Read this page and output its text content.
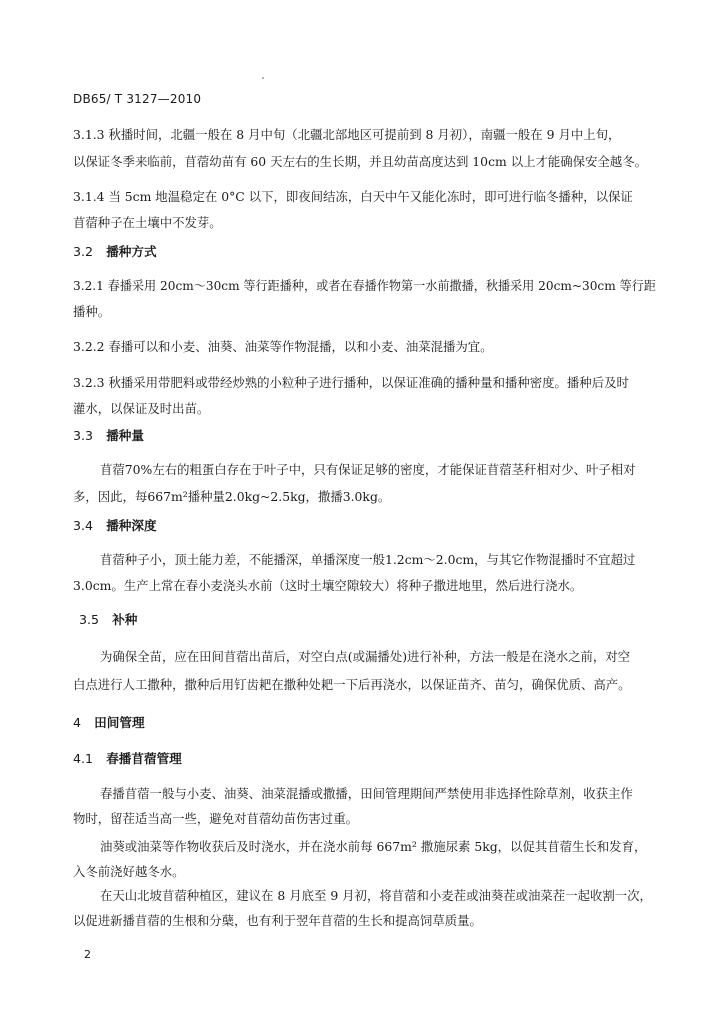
DB65/ T 3127—2010
3.1.3 秋播时间，北疆一般在 8 月中旬（北疆北部地区可提前到 8 月初），南疆一般在 9 月中上旬，
以保证冬季来临前，苜蓿幼苗有 60 天左右的生长期，并且幼苗高度达到 10cm 以上才能确保安全越冬。
3.1.4 当 5cm 地温稳定在 0°C 以下，即夜间结冻，白天中午又能化冻时，即可进行临冬播种，以保证
苜蓿种子在土壤中不发芽。
3.2 播种方式
3.2.1 春播采用 20cm～30cm 等行距播种，或者在春播作物第一水前撒播，秋播采用 20cm~30cm 等行距
播种。
3.2.2 春播可以和小麦、油葵、油菜等作物混播，以和小麦、油菜混播为宜。
3.2.3 秋播采用带肥料或带经炒熟的小粒种子进行播种，以保证准确的播种量和播种密度。播种后及时
灌水，以保证及时出苗。
3.3 播种量
苜蓿70%左右的粗蛋白存在于叶子中，只有保证足够的密度，才能保证苜蓿茎秆相对少、叶子相对
多，因此，每667m²播种量2.0kg~2.5kg，撒播3.0kg。
3.4 播种深度
苜蓿种子小，顶土能力差，不能播深，单播深度一般1.2cm～2.0cm，与其它作物混播时不宜超过
3.0cm。生产上常在春小麦浇头水前（这时土壤空隙较大）将种子撒进地里，然后进行浇水。
3.5 补种
为确保全苗，应在田间苜蓿出苗后，对空白点(或漏播处)进行补种，方法一般是在浇水之前，对空
白点进行人工撒种，撒种后用钉齿耙在撒种处耙一下后再浇水，以保证苗齐、苗匀，确保优质、高产。
4 田间管理
4.1 春播苜蓿管理
春播苜蓿一般与小麦、油葵、油菜混播或撒播，田间管理期间严禁使用非选择性除草剂，收获主作
物时，留茬适当高一些，避免对苜蓿幼苗伤害过重。
油葵或油菜等作物收获后及时浇水，并在浇水前每 667m² 撒施尿素 5kg，以促其苜蓿生长和发育，
入冬前浇好越冬水。
在天山北坡苜蓿种植区，建议在 8 月底至 9 月初，将苜蓿和小麦茬或油葵茬或油菜茬一起收割一次，
以促进新播苜蓿的生根和分蘖，也有利于翌年苜蓿的生长和提高饲草质量。
2
